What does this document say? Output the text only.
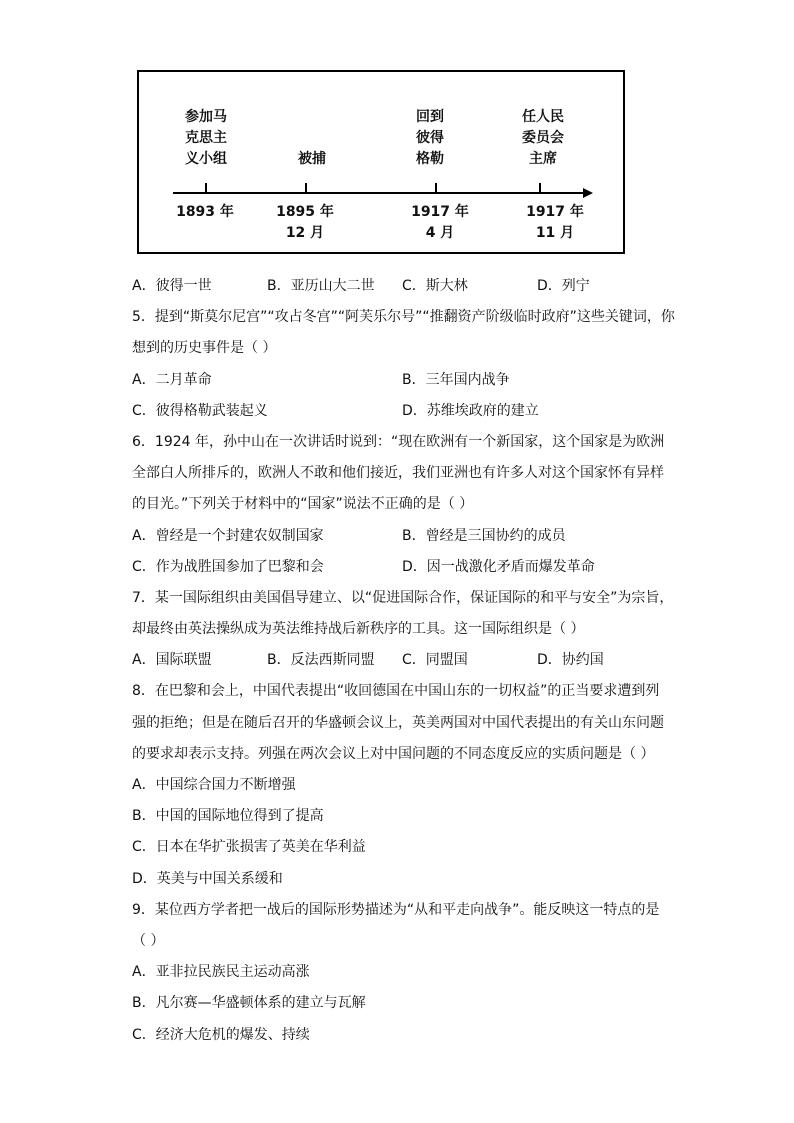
参加马
克思主
义小组	被捕
回到
彼得
格勒
任人民
委员会
主席
1893 年	1895 年
12 月
1917 年
4 月
1917 年
11 月
A．彼得一世	B．亚历山大二世	C．斯大林	D．列宁
5．提到“斯莫尔尼宫”“攻占冬宫”“阿芙乐尔号”“推翻资产阶级临时政府”这些关键词，你
想到的历史事件是（ ）
A．二月革命	B．三年国内战争
C．彼得格勒武装起义	D．苏维埃政府的建立
6．1924 年，孙中山在一次讲话时说到：“现在欧洲有一个新国家，这个国家是为欧洲
全部白人所排斥的，欧洲人不敢和他们接近，我们亚洲也有许多人对这个国家怀有异样
的目光。”下列关于材料中的“国家”说法不正确的是（ ）
A．曾经是一个封建农奴制国家	B．曾经是三国协约的成员
C．作为战胜国参加了巴黎和会	D．因一战激化矛盾而爆发革命
7．某一国际组织由美国倡导建立、以“促进国际合作，保证国际的和平与安全”为宗旨，
却最终由英法操纵成为英法维持战后新秩序的工具。这一国际组织是（ ）
A．国际联盟	B．反法西斯同盟	C．同盟国	D．协约国
8．在巴黎和会上，中国代表提出“收回德国在中国山东的一切权益”的正当要求遭到列
强的拒绝；但是在随后召开的华盛顿会议上，英美两国对中国代表提出的有关山东问题
的要求却表示支持。列强在两次会议上对中国问题的不同态度反应的实质问题是（ ）
A．中国综合国力不断增强
B．中国的国际地位得到了提高
C．日本在华扩张损害了英美在华利益
D．英美与中国关系缓和
9．某位西方学者把一战后的国际形势描述为“从和平走向战争”。能反映这一特点的是
（ ）
A．亚非拉民族民主运动高涨
B．凡尔赛—华盛顿体系的建立与瓦解
C．经济大危机的爆发、持续
